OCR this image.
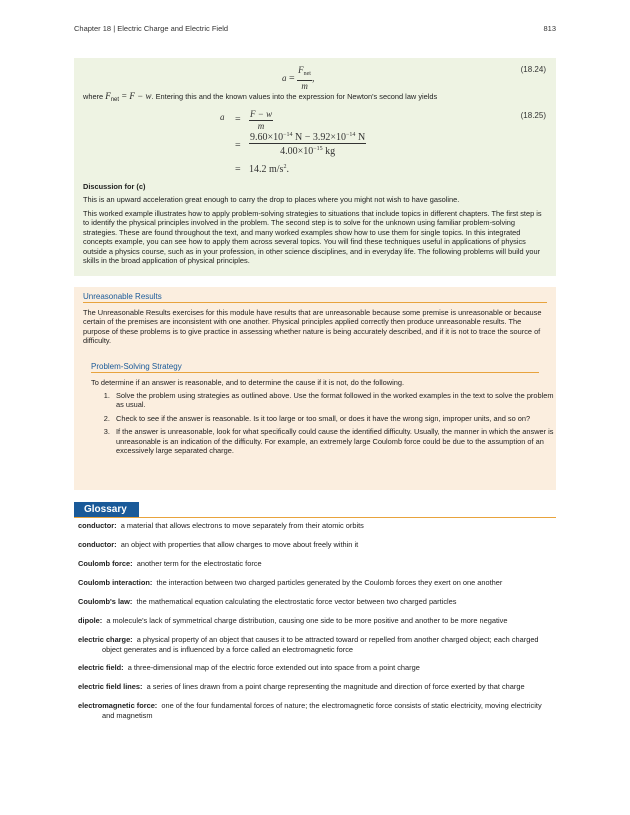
Chapter 18 | Electric Charge and Electric Field	813
$a = \frac{F_{net}}{m}$ ,
(18.24)
where $F_{net} = F - w$. Entering this and the known values into the expression for Newton's second law yields
(18.25)
$a = \frac{F - w}{m}$
= $\frac{9.60\times 10^{-14} N - 3.92\times 10^{-14} N}{4.00\times 10^{-15} kg}$
= 14.2 $m/s^2$.
Discussion for (c)
This is an upward acceleration great enough to carry the drop to places where you might not wish to have gasoline.
This worked example illustrates how to apply problem-solving strategies to situations that include topics in different chapters. The first step is to identify the physical principles involved in the problem. The second step is to solve for the unknown using familiar problem-solving strategies. These are found throughout the text, and many worked examples show how to use them for single topics. In this integrated concepts example, you can see how to apply them across several topics. You will find these techniques useful in applications of physics outside a physics course, such as in your profession, in other science disciplines, and in everyday life. The following problems will build your skills in the broad application of physical principles.
Unreasonable Results
The Unreasonable Results exercises for this module have results that are unreasonable because some premise is unreasonable or because certain of the premises are inconsistent with one another. Physical principles applied correctly then produce unreasonable results. The purpose of these problems is to give practice in assessing whether nature is being accurately described, and if it is not to trace the source of difficulty.
Problem-Solving Strategy
To determine if an answer is reasonable, and to determine the cause if it is not, do the following.
1. Solve the problem using strategies as outlined above. Use the format followed in the worked examples in the text to solve the problem as usual.
2. Check to see if the answer is reasonable. Is it too large or too small, or does it have the wrong sign, improper units, and so on?
3. If the answer is unreasonable, look for what specifically could cause the identified difficulty. Usually, the manner in which the answer is unreasonable is an indication of the difficulty. For example, an extremely large Coulomb force could be due to the assumption of an excessively large separated charge.
Glossary
conductor: a material that allows electrons to move separately from their atomic orbits
conductor: an object with properties that allow charges to move about freely within it
Coulomb force: another term for the electrostatic force
Coulomb interaction: the interaction between two charged particles generated by the Coulomb forces they exert on one another
Coulomb's law: the mathematical equation calculating the electrostatic force vector between two charged particles
dipole: a molecule's lack of symmetrical charge distribution, causing one side to be more positive and another to be more negative
electric charge: a physical property of an object that causes it to be attracted toward or repelled from another charged object; each charged object generates and is influenced by a force called an electromagnetic force
electric field: a three-dimensional map of the electric force extended out into space from a point charge
electric field lines: a series of lines drawn from a point charge representing the magnitude and direction of force exerted by that charge
electromagnetic force: one of the four fundamental forces of nature; the electromagnetic force consists of static electricity, moving electricity and magnetism
